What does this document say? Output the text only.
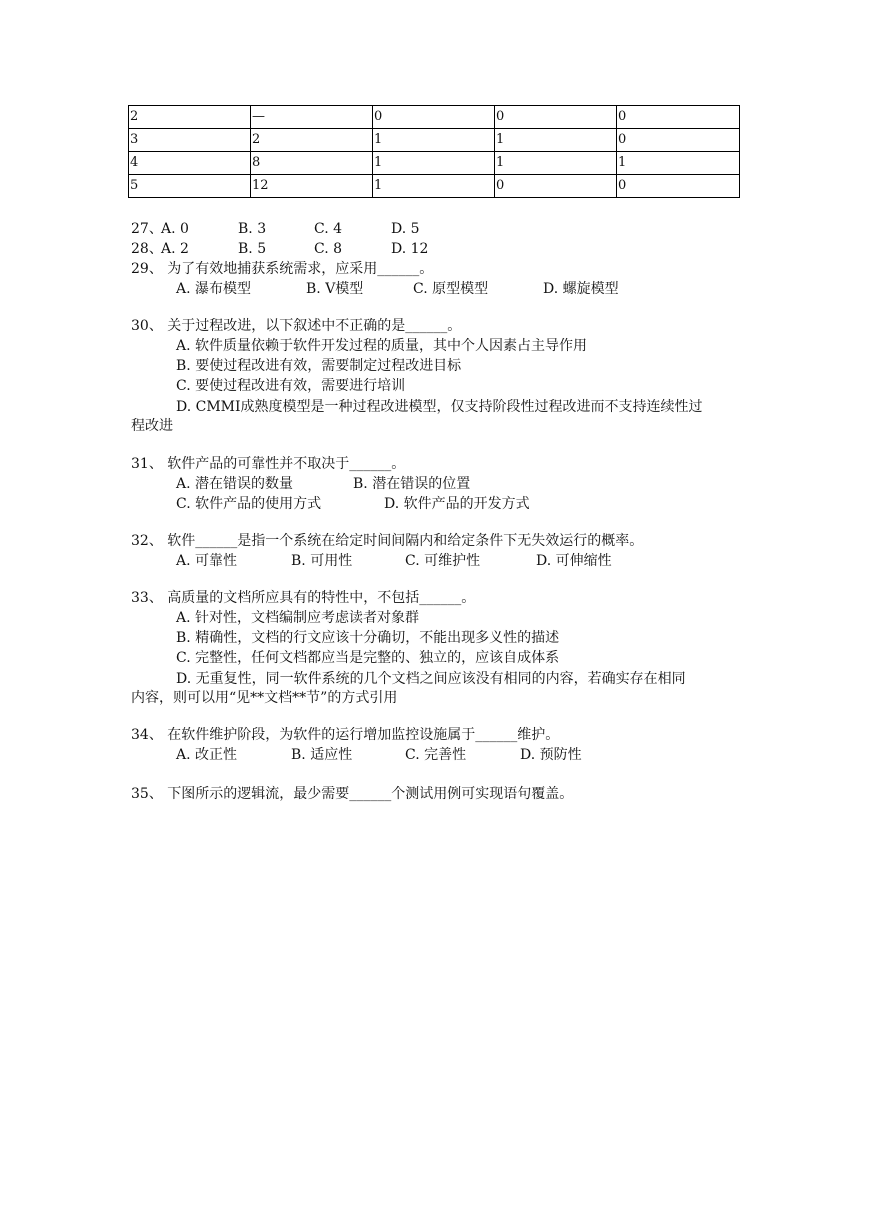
2	—	0	0	0
3	2	1	1	0
4	8	1	1	1
5	12	1	0	0
27、
A. 0	B. 3	C. 4	D. 5
28、
A. 2	B. 5	C. 8	D. 12
29、 为了有效地捕获系统需求，应采用______。
A. 瀑布模型	B. V模型	C. 原型模型	D. 螺旋模型
30、 关于过程改进，以下叙述中不正确的是______。
A. 软件质量依赖于软件开发过程的质量，其中个人因素占主导作用
B. 要使过程改进有效，需要制定过程改进目标
C. 要使过程改进有效，需要进行培训
D. CMMI成熟度模型是一种过程改进模型，仅支持阶段性过程改进而不支持连续性过
程改进
31、 软件产品的可靠性并不取决于______。
A. 潜在错误的数量	B. 潜在错误的位置
C. 软件产品的使用方式	D. 软件产品的开发方式
32、 软件______是指一个系统在给定时间间隔内和给定条件下无失效运行的概率。
A. 可靠性	B. 可用性	C. 可维护性	D. 可伸缩性
33、 高质量的文档所应具有的特性中，不包括______。
A. 针对性，文档编制应考虑读者对象群
B. 精确性，文档的行文应该十分确切，不能出现多义性的描述
C. 完整性，任何文档都应当是完整的、独立的，应该自成体系
D. 无重复性，同一软件系统的几个文档之间应该没有相同的内容，若确实存在相同
内容，则可以用“见**文档**节”的方式引用
34、 在软件维护阶段，为软件的运行增加监控设施属于______维护。
A. 改正性	B. 适应性	C. 完善性	D. 预防性
35、 下图所示的逻辑流，最少需要______个测试用例可实现语句覆盖。
